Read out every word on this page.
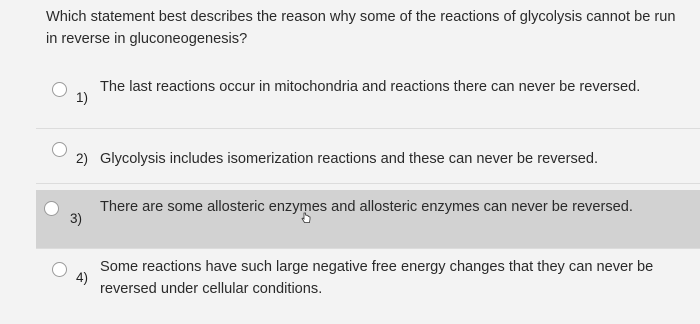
Which statement best describes the reason why some of the reactions of glycolysis cannot be run in reverse in gluconeogenesis?
1)
The last reactions occur in mitochondria and reactions there can never be reversed.
2) Glycolysis includes isomerization reactions and these can never be reversed.
3)
There are some allosteric enzymes and allosteric enzymes can never be reversed.
4)
Some reactions have such large negative free energy changes that they can never be reversed under cellular conditions.
